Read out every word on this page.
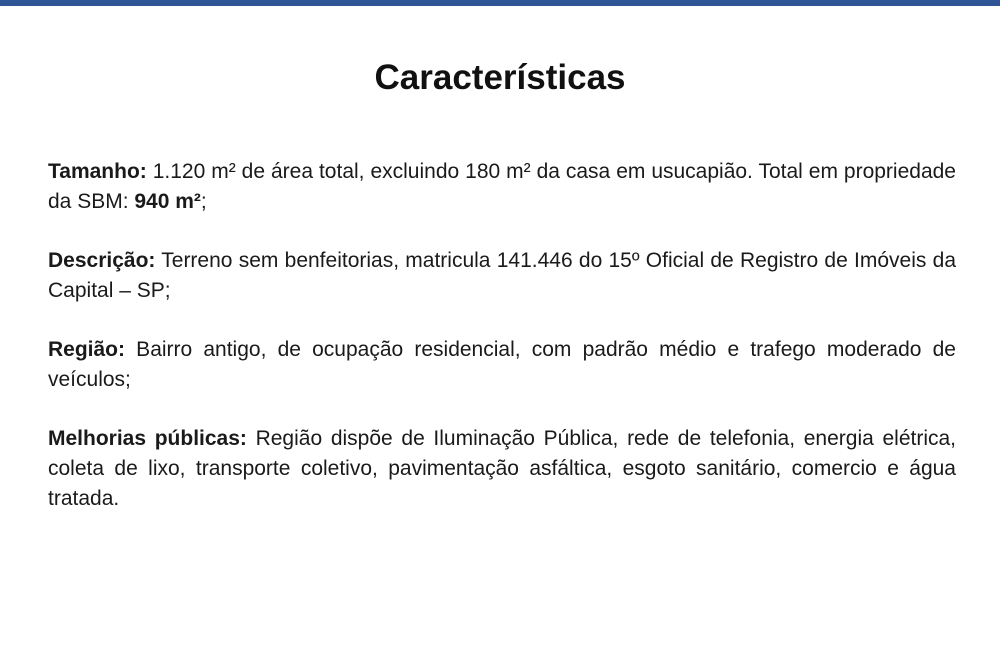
Características

Tamanho: 1.120 m² de área total, excluindo 180 m² da casa em usucapião. Total em propriedade da SBM: 940 m²;

Descrição: Terreno sem benfeitorias, matricula 141.446 do 15º Oficial de Registro de Imóveis da Capital – SP;

Região: Bairro antigo, de ocupação residencial, com padrão médio e trafego moderado de veículos;

Melhorias públicas: Região dispõe de Iluminação Pública, rede de telefonia, energia elétrica, coleta de lixo, transporte coletivo, pavimentação asfáltica, esgoto sanitário, comercio e água tratada.
